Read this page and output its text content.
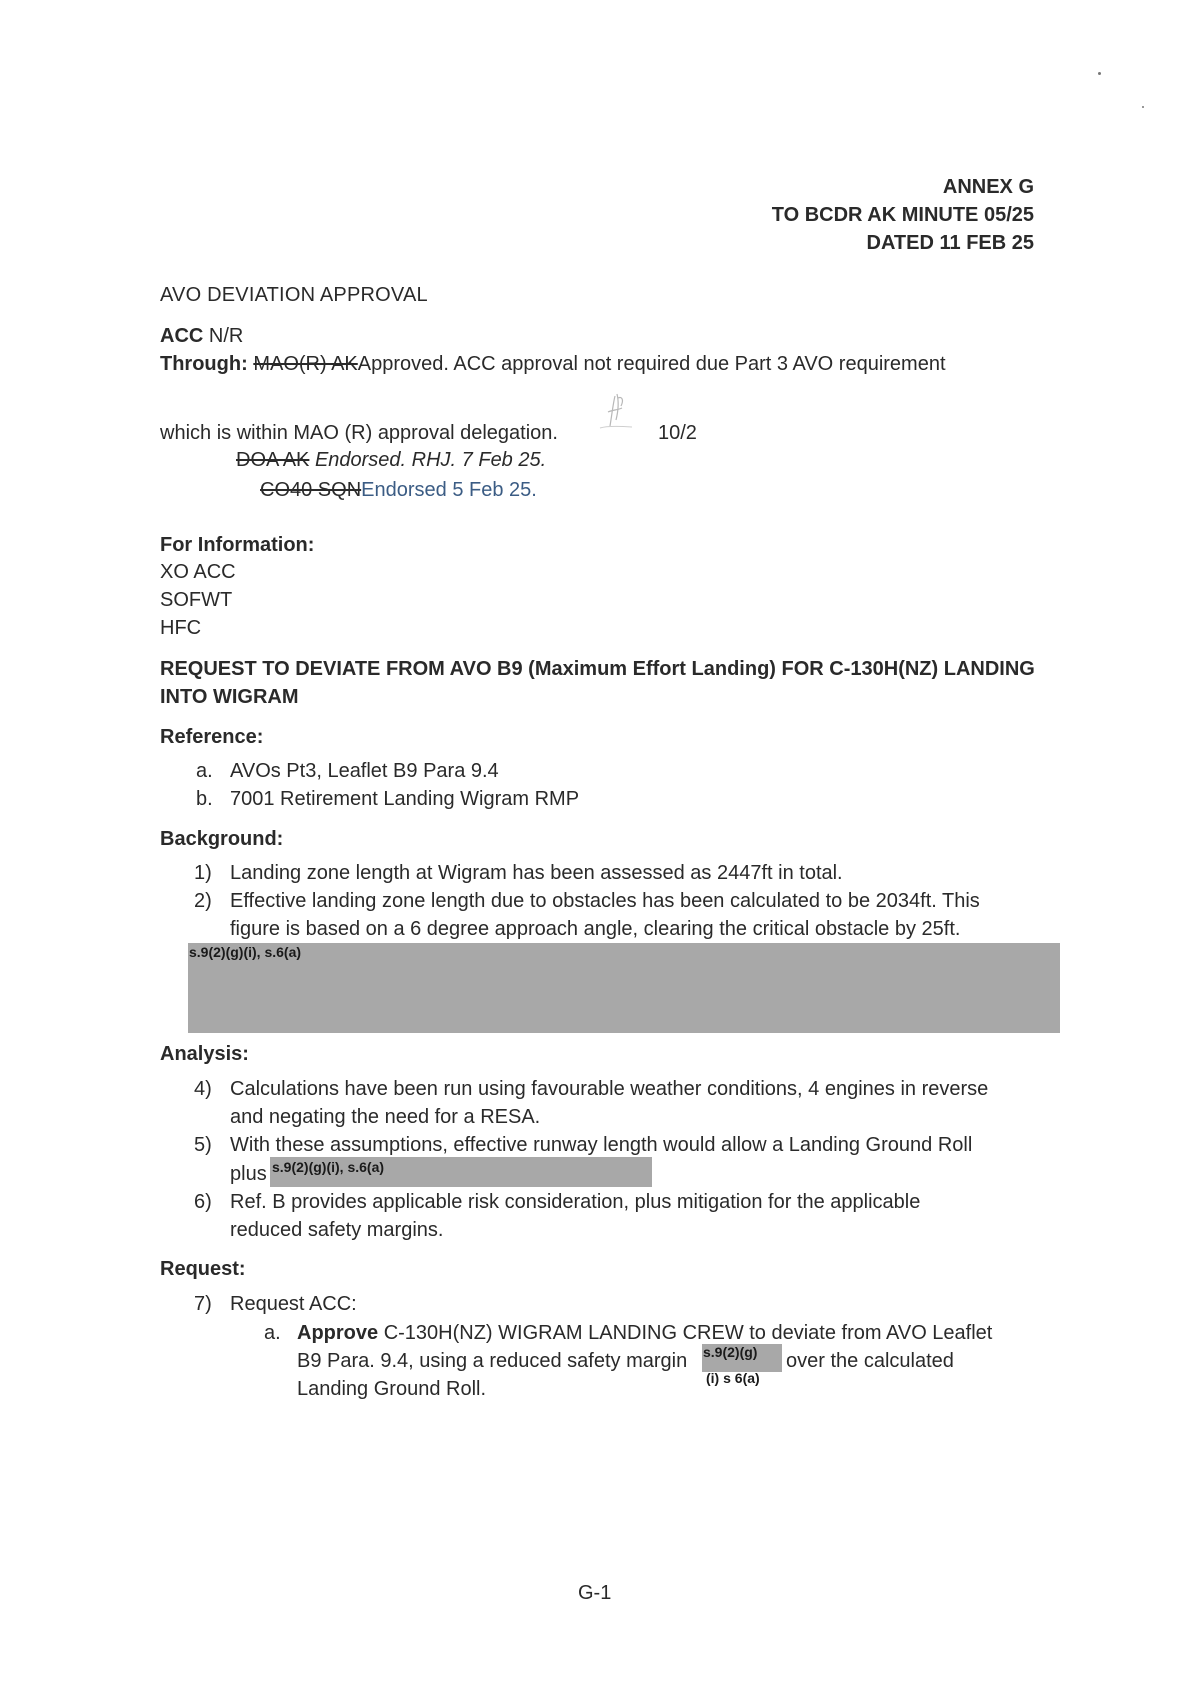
ANNEX G
TO BCDR AK MINUTE 05/25
DATED 11 FEB 25
AVO DEVIATION APPROVAL
ACC N/R
Through: MAO(R) AKApproved. ACC approval not required due Part 3 AVO requirement
which is within MAO (R) approval delegation.	10/2
DOA AK Endorsed. RHJ. 7 Feb 25.
CO40 SQNEndorsed 5 Feb 25.
For Information:
XO ACC
SOFWT
HFC
REQUEST TO DEVIATE FROM AVO B9 (Maximum Effort Landing) FOR C-130H(NZ) LANDING
INTO WIGRAM
Reference:
a. AVOs Pt3, Leaflet B9 Para 9.4
b. 7001 Retirement Landing Wigram RMP
Background:
1) Landing zone length at Wigram has been assessed as 2447ft in total.
2) Effective landing zone length due to obstacles has been calculated to be 2034ft. This
figure is based on a 6 degree approach angle, clearing the critical obstacle by 25ft.
s.9(2)(g)(i), s.6(a)
Analysis:
4) Calculations have been run using favourable weather conditions, 4 engines in reverse
and negating the need for a RESA.
5) With these assumptions, effective runway length would allow a Landing Ground Roll
plus s.9(2)(g)(i), s.6(a)
6) Ref. B provides applicable risk consideration, plus mitigation for the applicable
reduced safety margins.
Request:
7) Request ACC:
a. Approve C-130H(NZ) WIGRAM LANDING CREW to deviate from AVO Leaflet
B9 Para. 9.4, using a reduced safety margin s.9(2)(g)
(i) s 6(a)
over the calculated
Landing Ground Roll.
G-1
